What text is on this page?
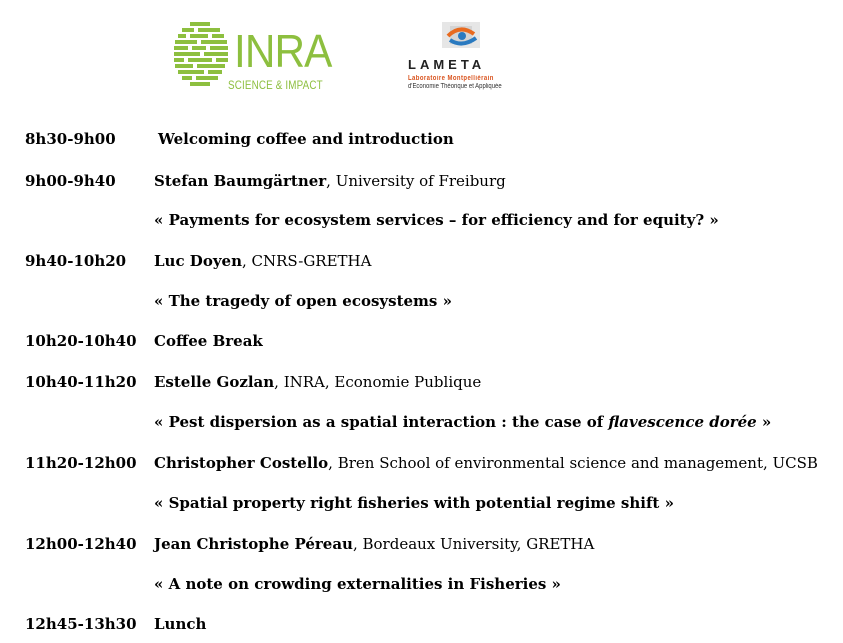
INRA
SCIENCE & IMPACT
LAMETA
Laboratoire Montpelliérain
d'Economie Théorique et Appliquée
8h30-9h00	Welcoming coffee and introduction
9h00-9h40	Stefan Baumgärtner, University of Freiburg
« Payments for ecosystem services – for efficiency and for equity? »
9h40-10h20 Luc Doyen, CNRS-GRETHA
« The tragedy of open ecosystems »
10h20-10h40 Coffee Break
10h40-11h20 Estelle Gozlan, INRA, Economie Publique
« Pest dispersion as a spatial interaction : the case of flavescence dorée »
11h20-12h00 Christopher Costello, Bren School of environmental science and management, UCSB
« Spatial property right fisheries with potential regime shift »
12h00-12h40 Jean Christophe Péreau, Bordeaux University, GRETHA
« A note on crowding externalities in Fisheries »
12h45-13h30 Lunch
